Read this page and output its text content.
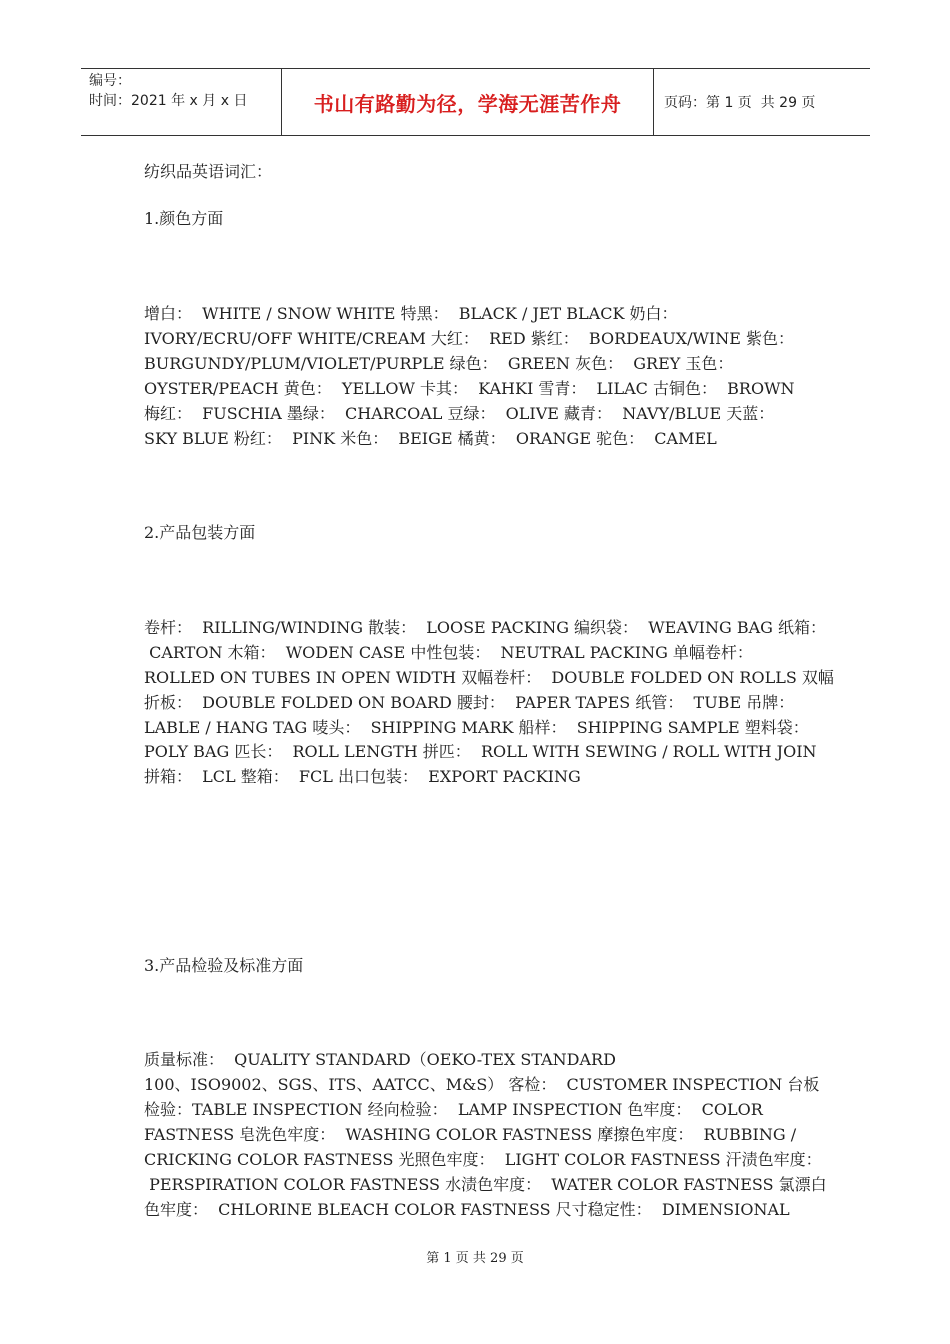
编号：
时间：2021 年 x 月 x 日	书山有路勤为径，学海无涯苦作舟	页码：第 1 页  共 29 页
纺织品英语词汇：
1.颜色方面
增白：  WHITE / SNOW WHITE 特黑：  BLACK / JET BLACK 奶白：
IVORY/ECRU/OFF WHITE/CREAM 大红：  RED 紫红：  BORDEAUX/WINE 紫色：
BURGUNDY/PLUM/VIOLET/PURPLE 绿色：  GREEN 灰色：  GREY 玉色：
OYSTER/PEACH 黄色：  YELLOW 卡其：  KAHKI 雪青：  LILAC 古铜色：  BROWN
梅红：  FUSCHIA 墨绿：  CHARCOAL 豆绿：  OLIVE 藏青：  NAVY/BLUE 天蓝：
SKY BLUE 粉红：  PINK 米色：  BEIGE 橘黄：  ORANGE 驼色：  CAMEL
2.产品包装方面
卷杆：  RILLING/WINDING 散装：  LOOSE PACKING 编织袋：  WEAVING BAG 纸箱：
CARTON 木箱：  WODEN CASE 中性包装：  NEUTRAL PACKING 单幅卷杆：
ROLLED ON TUBES IN OPEN WIDTH 双幅卷杆：  DOUBLE FOLDED ON ROLLS 双幅
折板：  DOUBLE FOLDED ON BOARD 腰封：  PAPER TAPES 纸管：  TUBE 吊牌：
LABLE / HANG TAG 唛头：  SHIPPING MARK 船样：  SHIPPING SAMPLE 塑料袋：
POLY BAG 匹长：  ROLL LENGTH 拼匹：  ROLL WITH SEWING / ROLL WITH JOIN
拼箱：  LCL 整箱：  FCL 出口包装：  EXPORT PACKING
3.产品检验及标准方面
质量标准：  QUALITY STANDARD（OEKO-TEX STANDARD
100、ISO9002、SGS、ITS、AATCC、M&S） 客检：  CUSTOMER INSPECTION 台板
检验：TABLE INSPECTION 经向检验：  LAMP INSPECTION 色牢度：  COLOR
FASTNESS 皂洗色牢度：  WASHING COLOR FASTNESS 摩擦色牢度：  RUBBING /
CRICKING COLOR FASTNESS 光照色牢度：  LIGHT COLOR FASTNESS 汗渍色牢度：
PERSPIRATION COLOR FASTNESS 水渍色牢度：  WATER COLOR FASTNESS 氯漂白
色牢度：  CHLORINE BLEACH COLOR FASTNESS 尺寸稳定性：  DIMENSIONAL
第 1 页 共 29 页
